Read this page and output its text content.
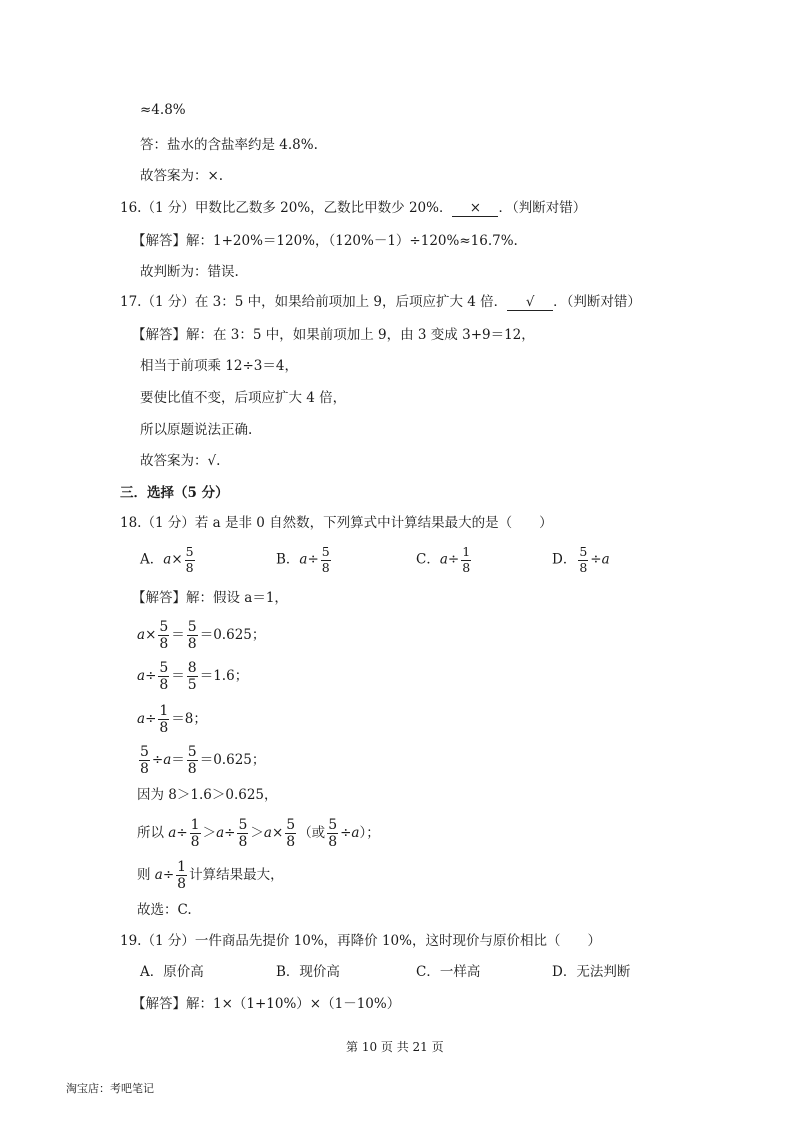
≈4.8%
答：盐水的含盐率约是 4.8%.
故答案为：×.
16.（1 分）甲数比乙数多 20%，乙数比甲数少 20%． × ．（判断对错）
【解答】解：1+20%＝120%，（120%－1）÷120%≈16.7%.
故判断为：错误.
17.（1 分）在 3：5 中，如果给前项加上 9，后项应扩大 4 倍． √ ．（判断对错）
【解答】解：在 3：5 中，如果前项加上 9，由 3 变成 3+9＝12，
相当于前项乘 12÷3＝4，
要使比值不变，后项应扩大 4 倍，
所以原题说法正确.
故答案为：√.
三．选择（5 分）
18.（1 分）若 a 是非 0 自然数，下列算式中计算结果最大的是（　　）
A．$a\times \frac{5}{8}$	B．$a\div \frac{5}{8}$	C．$a\div \frac{1}{8}$	D． $\frac{5}{8} \div a$
【解答】解：假设 a＝1，
$a\times \frac{5}{8} = \frac{5}{8} =0.625$；
$a\div \frac{5}{8} = \frac{8}{5} =1.6$；
$a\div \frac{1}{8} =8$；
$\frac{5}{8} \div a= \frac{5}{8} =0.625$；
因为 8＞1.6＞0.625，
所以 $a\div \frac{1}{8} >a\div \frac{5}{8} >a\times \frac{5}{8}$ （或 $\frac{5}{8} \div a$）；
则 $a\div \frac{1}{8}$ 计算结果最大，
故选：C.
19.（1 分）一件商品先提价 10%，再降价 10%，这时现价与原价相比（　　）
A．原价高	B．现价高	C．一样高	D．无法判断
【解答】解：1×（1+10%）×（1－10%）
第 10 页 共 21 页
淘宝店：考吧笔记
